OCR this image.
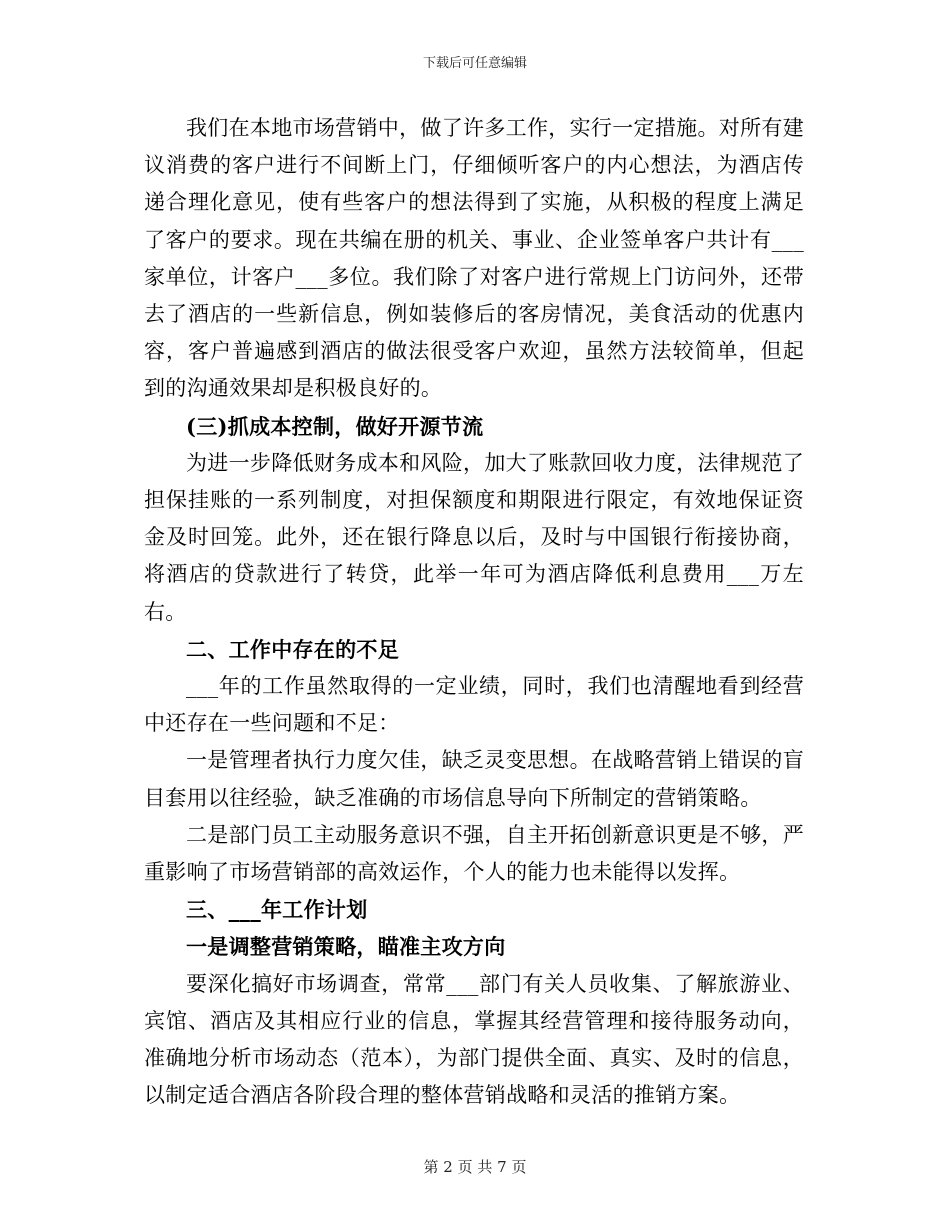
下载后可任意编辑

我们在本地市场营销中，做了许多工作，实行一定措施。对所有建议消费的客户进行不间断上门，仔细倾听客户的内心想法，为酒店传递合理化意见，使有些客户的想法得到了实施，从积极的程度上满足了客户的要求。现在共编在册的机关、事业、企业签单客户共计有___家单位，计客户___多位。我们除了对客户进行常规上门访问外，还带去了酒店的一些新信息，例如装修后的客房情况，美食活动的优惠内容，客户普遍感到酒店的做法很受客户欢迎，虽然方法较简单，但起到的沟通效果却是积极良好的。

(三)抓成本控制，做好开源节流

为进一步降低财务成本和风险，加大了账款回收力度，法律规范了担保挂账的一系列制度，对担保额度和期限进行限定，有效地保证资金及时回笼。此外，还在银行降息以后，及时与中国银行衔接协商，将酒店的贷款进行了转贷，此举一年可为酒店降低利息费用___万左右。

二、工作中存在的不足

___年的工作虽然取得的一定业绩，同时，我们也清醒地看到经营中还存在一些问题和不足：

一是管理者执行力度欠佳，缺乏灵变思想。在战略营销上错误的盲目套用以往经验，缺乏准确的市场信息导向下所制定的营销策略。

二是部门员工主动服务意识不强，自主开拓创新意识更是不够，严重影响了市场营销部的高效运作，个人的能力也未能得以发挥。

三、___年工作计划

一是调整营销策略，瞄准主攻方向

要深化搞好市场调查，常常___部门有关人员收集、了解旅游业、宾馆、酒店及其相应行业的信息，掌握其经营管理和接待服务动向，准确地分析市场动态（范本），为部门提供全面、真实、及时的信息，以制定适合酒店各阶段合理的整体营销战略和灵活的推销方案。

第 2 页 共 7 页
